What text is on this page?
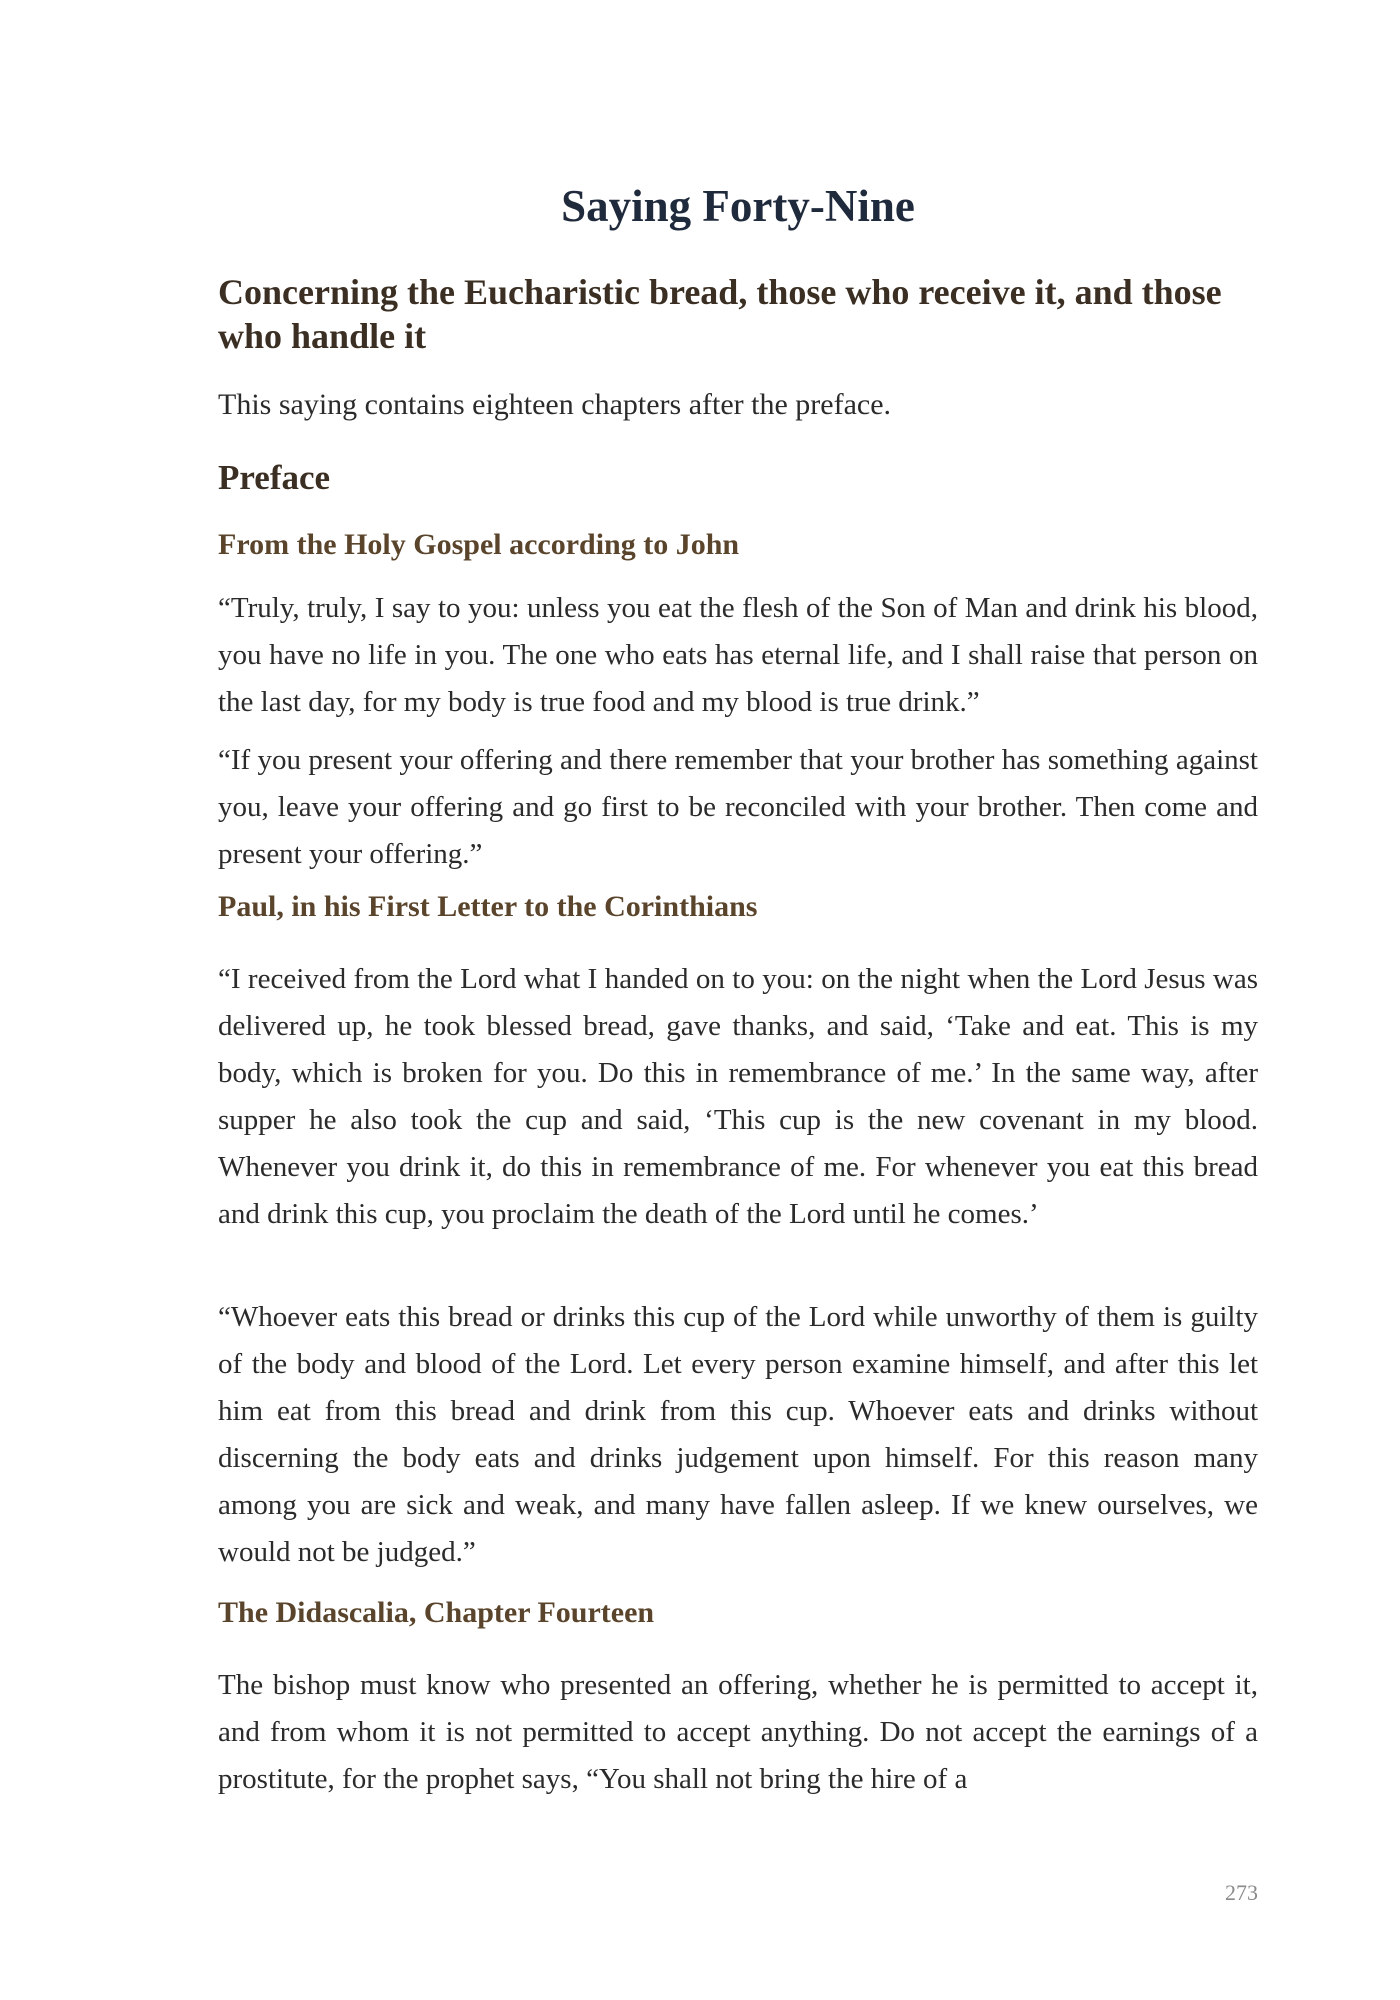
Saying Forty-Nine
Concerning the Eucharistic bread, those who receive it, and those who handle it

This saying contains eighteen chapters after the preface.

Preface
From the Holy Gospel according to John

“Truly, truly, I say to you: unless you eat the flesh of the Son of Man and drink his blood, you have no life in you. The one who eats has eternal life, and I shall raise that person on the last day, for my body is true food and my blood is true drink.”

“If you present your offering and there remember that your brother has something against you, leave your offering and go first to be reconciled with your brother. Then come and present your offering.”

Paul, in his First Letter to the Corinthians

“I received from the Lord what I handed on to you: on the night when the Lord Jesus was delivered up, he took blessed bread, gave thanks, and said, ‘Take and eat. This is my body, which is broken for you. Do this in remembrance of me.’ In the same way, after supper he also took the cup and said, ‘This cup is the new covenant in my blood. Whenever you drink it, do this in remembrance of me. For whenever you eat this bread and drink this cup, you proclaim the death of the Lord until he comes.’

“Whoever eats this bread or drinks this cup of the Lord while unworthy of them is guilty of the body and blood of the Lord. Let every person examine himself, and after this let him eat from this bread and drink from this cup. Whoever eats and drinks without discerning the body eats and drinks judgement upon himself. For this reason many among you are sick and weak, and many have fallen asleep. If we knew ourselves, we would not be judged.”

The Didascalia, Chapter Fourteen

The bishop must know who presented an offering, whether he is permitted to accept it, and from whom it is not permitted to accept anything. Do not accept the earnings of a prostitute, for the prophet says, “You shall not bring the hire of a

273
